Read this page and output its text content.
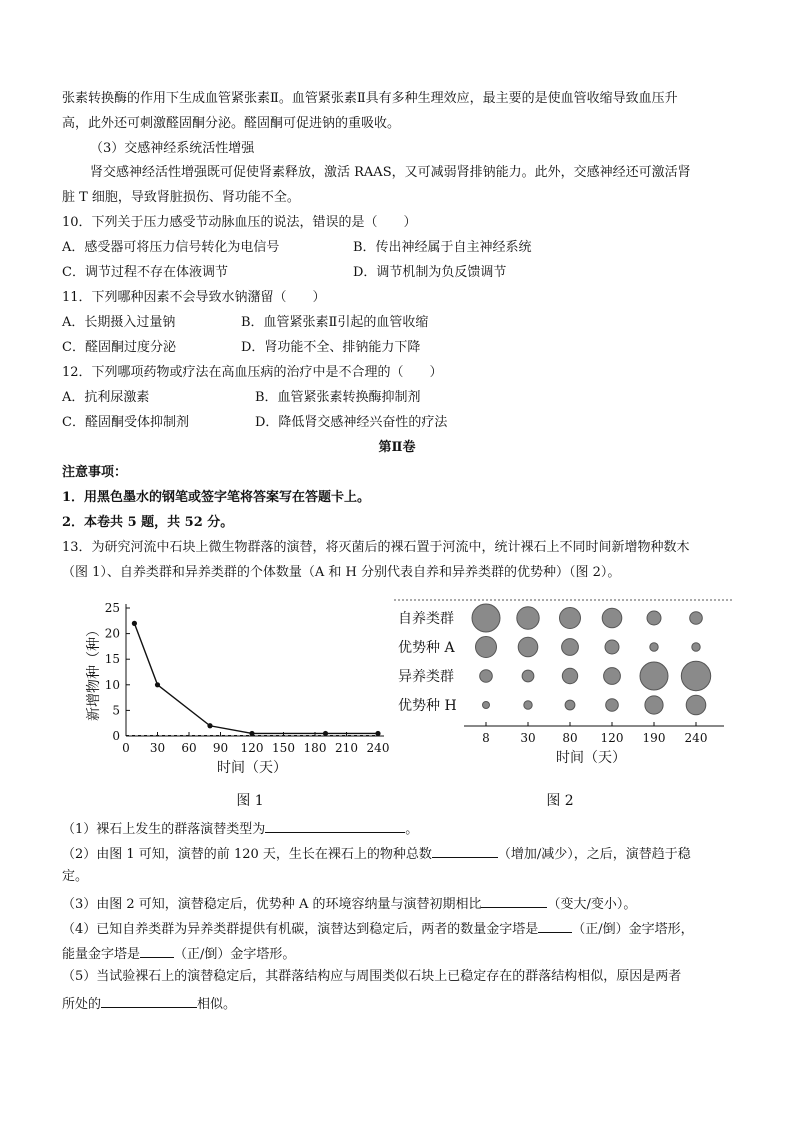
张素转换酶的作用下生成血管紧张素Ⅱ。血管紧张素Ⅱ具有多种生理效应，最主要的是使血管收缩导致血压升
高，此外还可刺激醛固酮分泌。醛固酮可促进钠的重吸收。
（3）交感神经系统活性增强
肾交感神经活性增强既可促使肾素释放，激活 RAAS，又可减弱肾排钠能力。此外，交感神经还可激活肾
脏 T 细胞，导致肾脏损伤、肾功能不全。
10．下列关于压力感受节动脉血压的说法，错误的是（　　）
A．感受器可将压力信号转化为电信号	B．传出神经属于自主神经系统
C．调节过程不存在体液调节	D．调节机制为负反馈调节
11．下列哪种因素不会导致水钠潴留（　　）
A．长期摄入过量钠	B．血管紧张素Ⅱ引起的血管收缩
C．醛固酮过度分泌	D．肾功能不全、排钠能力下降
12．下列哪项药物或疗法在高血压病的治疗中是不合理的（　　）
A．抗利尿激素	B．血管紧张素转换酶抑制剂
C．醛固酮受体抑制剂	D．降低肾交感神经兴奋性的疗法
第Ⅱ卷
注意事项：
1．用黑色墨水的钢笔或签字笔将答案写在答题卡上。
2．本卷共 5 题，共 52 分。
13．为研究河流中石块上微生物群落的演替，将灭菌后的裸石置于河流中，统计裸石上不同时间新增物种数木
（图 1）、自养类群和异养类群的个体数量（A 和 H 分别代表自养和异养类群的优势种）（图 2）。
0
5
10
15
20
25
0 30 60 90 120 150 180 210 240
时间（天）
新增物种（种）
图 1
自养类群
优势种 A
异养类群
优势种 H
8	30 80 120 190 240
时间（天）
图 2
（1）裸石上发生的群落演替类型为	。
（2）由图 1 可知，演替的前 120 天，生长在裸石上的物种总数	（增加/减少），之后，演替趋于稳
定。
（3）由图 2 可知，演替稳定后，优势种 A 的环境容纳量与演替初期相比	（变大/变小）。
（4）已知自养类群为异养类群提供有机碳，演替达到稳定后，两者的数量金字塔是	（正/倒）金字塔形，
能量金字塔是	（正/倒）金字塔形。
（5）当试验裸石上的演替稳定后，其群落结构应与周围类似石块上已稳定存在的群落结构相似，原因是两者
所处的	相似。
